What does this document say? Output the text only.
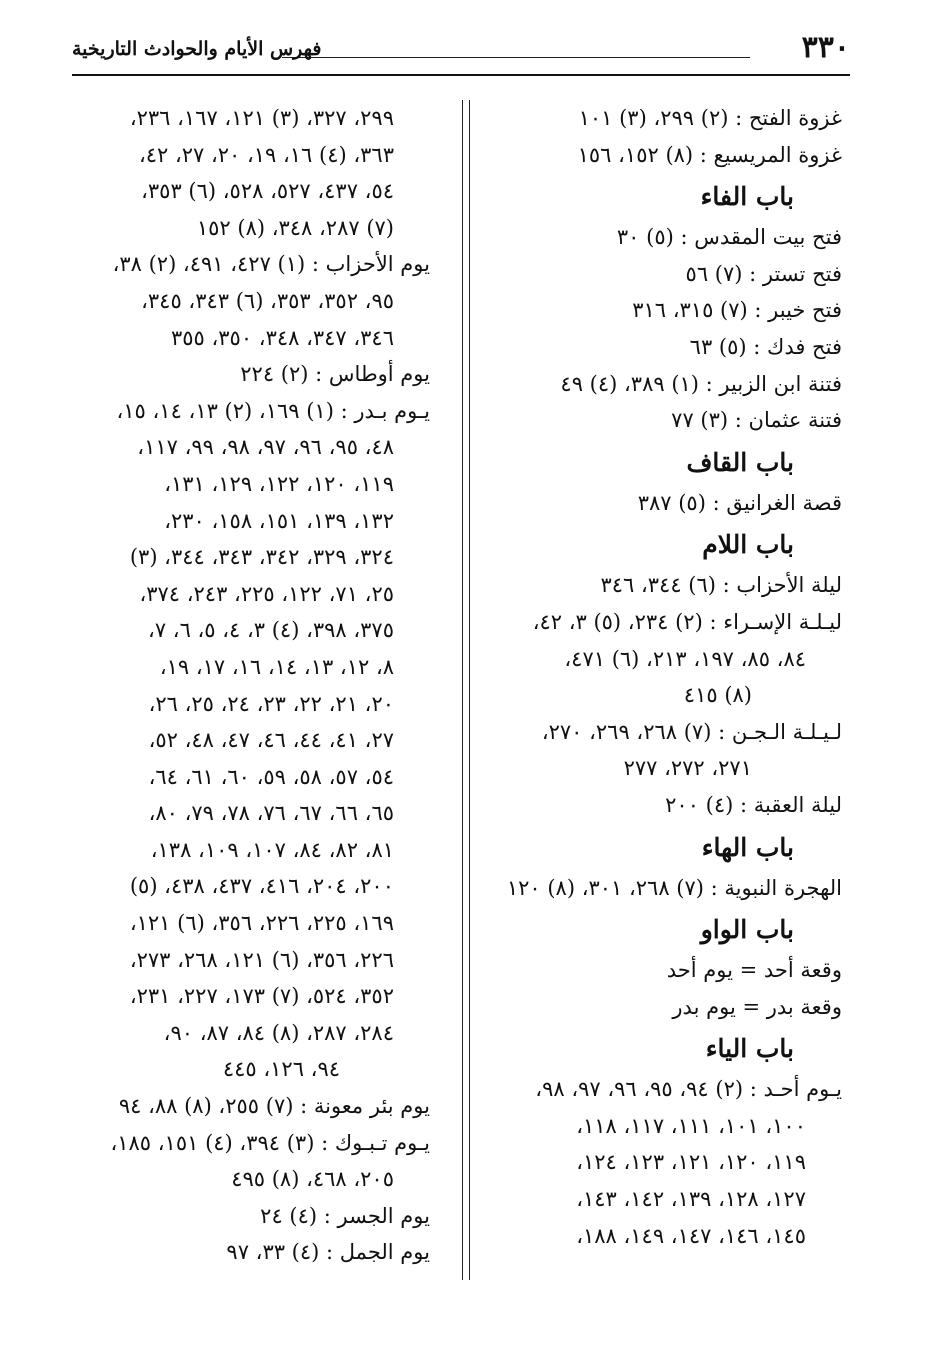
٣٣٠
فهرس الأيام والحوادث التاريخية
غزوة الفتح : (٢) ٢٩٩، (٣) ١٠١
غزوة المريسيع : (٨) ١٥٢، ١٥٦
باب الفاء
فتح بيت المقدس : (٥) ٣٠
فتح تستر : (٧) ٥٦
فتح خيبر : (٧) ٣١٥، ٣١٦
فتح فدك : (٥) ٦٣
فتنة ابن الزبير : (١) ٣٨٩، (٤) ٤٩
فتنة عثمان : (٣) ٧٧
باب القاف
قصة الغرانيق : (٥) ٣٨٧
باب اللام
ليلة الأحزاب : (٦) ٣٤٤، ٣٤٦
ليـلـة الإسـراء : (٢) ٢٣٤، (٥) ٣، ٤٢،
٨٤، ٨٥، ١٩٧، ٢١٣، (٦) ٤٧١،
(٨) ٤١٥
لـيـلـة الـجـن : (٧) ٢٦٨، ٢٦٩، ٢٧٠،
٢٧١، ٢٧٢، ٢٧٧
ليلة العقبة : (٤) ٢٠٠
باب الهاء
الهجرة النبوية : (٧) ٢٦٨، ٣٠١، (٨) ١٢٠
باب الواو
وقعة أحد = يوم أحد
وقعة بدر = يوم بدر
باب الياء
يـوم أحـد : (٢) ٩٤، ٩٥، ٩٦، ٩٧، ٩٨،
١٠٠، ١٠١، ١١١، ١١٧، ١١٨،
١١٩، ١٢٠، ١٢١، ١٢٣، ١٢٤،
١٢٧، ١٢٨، ١٣٩، ١٤٢، ١٤٣،
١٤٥، ١٤٦، ١٤٧، ١٤٩، ١٨٨،
٢٩٩، ٣٢٧، (٣) ١٢١، ١٦٧، ٢٣٦،
٣٦٣، (٤) ١٦، ١٩، ٢٠، ٢٧، ٤٢،
٥٤، ٤٣٧، ٥٢٧، ٥٢٨، (٦) ٣٥٣،
(٧) ٢٨٧، ٣٤٨، (٨) ١٥٢
يوم الأحزاب : (١) ٤٢٧، ٤٩١، (٢) ٣٨،
٩٥، ٣٥٢، ٣٥٣، (٦) ٣٤٣، ٣٤٥،
٣٤٦، ٣٤٧، ٣٤٨، ٣٥٠، ٣٥٥
يوم أوطاس : (٢) ٢٢٤
يـوم بـدر : (١) ١٦٩، (٢) ١٣، ١٤، ١٥،
٤٨، ٩٥، ٩٦، ٩٧، ٩٨، ٩٩، ١١٧،
١١٩، ١٢٠، ١٢٢، ١٢٩، ١٣١،
١٣٢، ١٣٩، ١٥١، ١٥٨، ٢٣٠،
٣٢٤، ٣٢٩، ٣٤٢، ٣٤٣، ٣٤٤، (٣)
٢٥، ٧١، ١٢٢، ٢٢٥، ٢٤٣، ٣٧٤،
٣٧٥، ٣٩٨، (٤) ٣، ٤، ٥، ٦، ٧،
٨، ١٢، ١٣، ١٤، ١٦، ١٧، ١٩،
٢٠، ٢١، ٢٢، ٢٣، ٢٤، ٢٥، ٢٦،
٢٧، ٤١، ٤٤، ٤٦، ٤٧، ٤٨، ٥٢،
٥٤، ٥٧، ٥٨، ٥٩، ٦٠، ٦١، ٦٤،
٦٥، ٦٦، ٦٧، ٧٦، ٧٨، ٧٩، ٨٠،
٨١، ٨٢، ٨٤، ١٠٧، ١٠٩، ١٣٨،
٢٠٠، ٢٠٤، ٤١٦، ٤٣٧، ٤٣٨، (٥)
١٦٩، ٢٢٥، ٢٢٦، ٣٥٦، (٦) ١٢١،
٢٢٦، ٣٥٦، (٦) ١٢١، ٢٦٨، ٢٧٣،
٣٥٢، ٥٢٤، (٧) ١٧٣، ٢٢٧، ٢٣١،
٢٨٤، ٢٨٧، (٨) ٨٤، ٨٧، ٩٠،
٩٤، ١٢٦، ٤٤٥
يوم بئر معونة : (٧) ٢٥٥، (٨) ٨٨، ٩٤
يـوم تـبـوك : (٣) ٣٩٤، (٤) ١٥١، ١٨٥،
٢٠٥، ٤٦٨، (٨) ٤٩٥
يوم الجسر : (٤) ٢٤
يوم الجمل : (٤) ٣٣، ٩٧
